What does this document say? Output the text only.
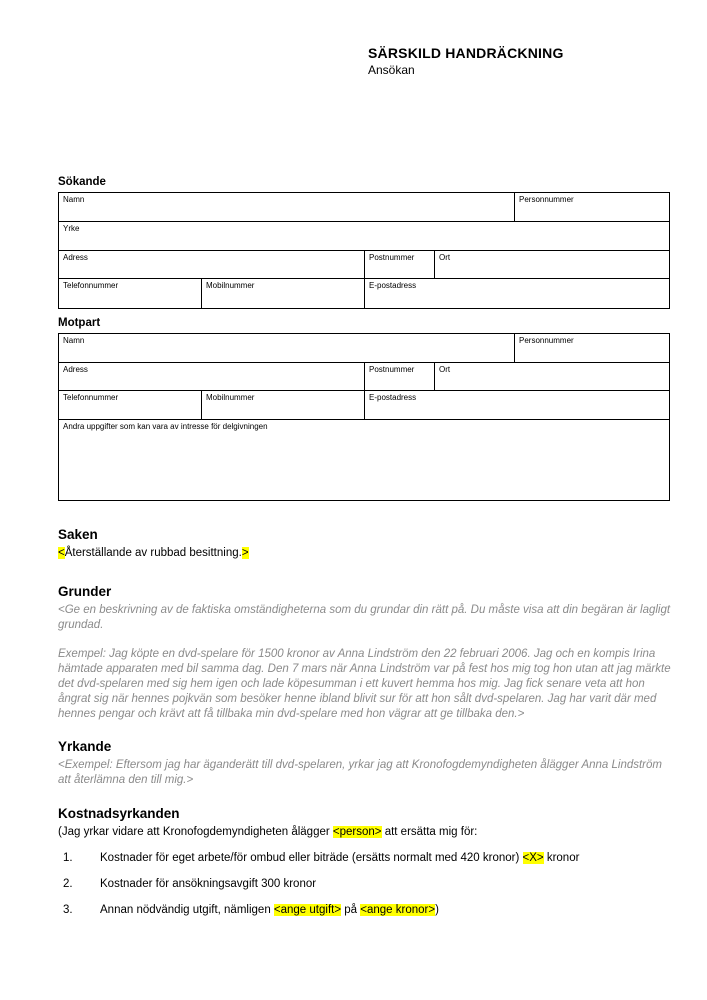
SÄRSKILD HANDRÄCKNING
Ansökan
Sökande
Namn	Personnummer
Yrke
Adress	Postnummer	Ort
Telefonnummer	Mobilnummer	E-postadress
Motpart
Namn	Personnummer
Adress	Postnummer	Ort
Telefonnummer	Mobilnummer	E-postadress
Andra uppgifter som kan vara av intresse för delgivningen
Saken
<Återställande av rubbad besittning.>
Grunder

<Ge en beskrivning av de faktiska omständigheterna som du grundar din rätt på. Du måste visa att din begäran är lagligt grundad.

Exempel: Jag köpte en dvd-spelare för 1500 kronor av Anna Lindström den 22 februari 2006. Jag och en kompis Irina hämtade apparaten med bil samma dag. Den 7 mars när Anna Lindström var på fest hos mig tog hon utan att jag märkte det dvd-spelaren med sig hem igen och lade köpesumman i ett kuvert hemma hos mig. Jag fick senare veta att hon ångrat sig när hennes pojkvän som besöker henne ibland blivit sur för att hon sålt dvd-spelaren. Jag har varit där med hennes pengar och krävt att få tillbaka min dvd-spelare med hon vägrar att ge tillbaka den.>

Yrkande

<Exempel: Eftersom jag har äganderätt till dvd-spelaren, yrkar jag att Kronofogdemyndigheten ålägger Anna Lindström att återlämna den till mig.>

Kostnadsyrkanden
(Jag yrkar vidare att Kronofogdemyndigheten ålägger <person> att ersätta mig för:
1.	Kostnader för eget arbete/för ombud eller biträde (ersätts normalt med 420 kronor) <X> kronor
2.	Kostnader för ansökningsavgift 300 kronor
3.	Annan nödvändig utgift, nämligen <ange utgift> på <ange kronor>)
